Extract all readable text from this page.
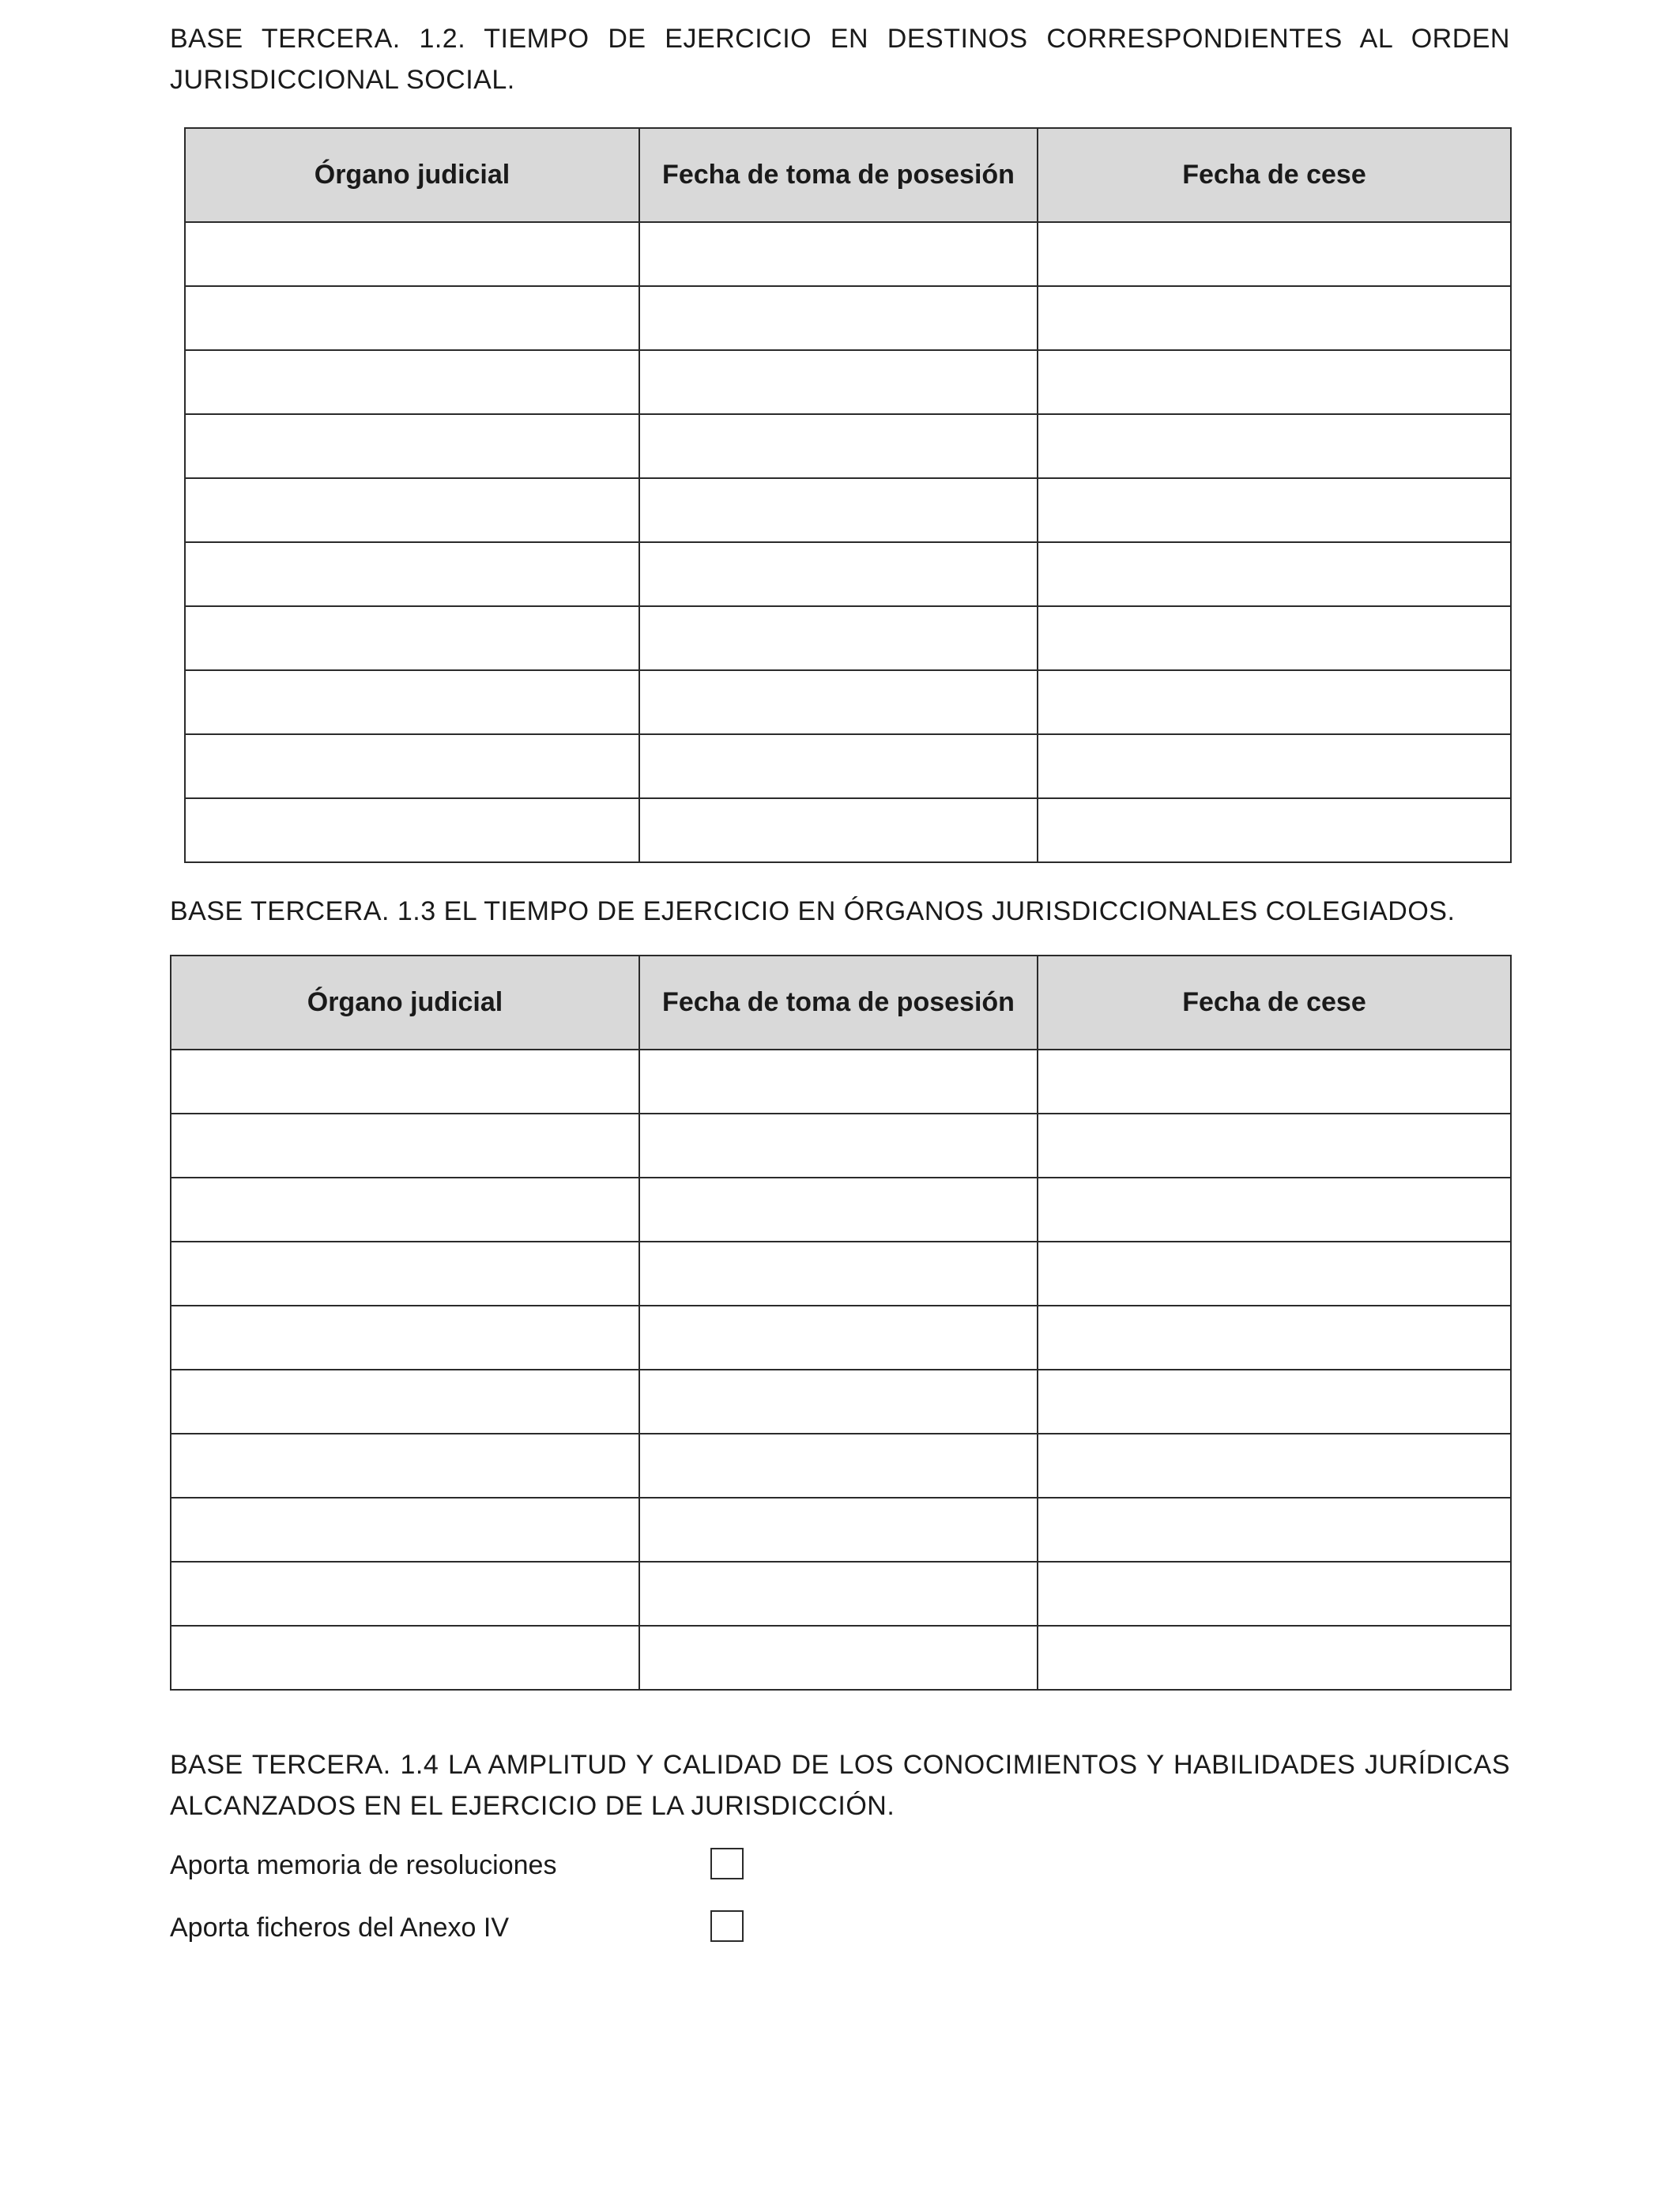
BASE TERCERA. 1.2. TIEMPO DE EJERCICIO EN DESTINOS CORRESPONDIENTES AL ORDEN JURISDICCIONAL SOCIAL.

Órgano judicial	Fecha de toma de posesión	Fecha de cese

BASE TERCERA. 1.3 EL TIEMPO DE EJERCICIO EN ÓRGANOS JURISDICCIONALES COLEGIADOS.

Órgano judicial	Fecha de toma de posesión	Fecha de cese

BASE TERCERA. 1.4 LA AMPLITUD Y CALIDAD DE LOS CONOCIMIENTOS Y HABILIDADES JURÍDICAS ALCANZADOS EN EL EJERCICIO DE LA JURISDICCIÓN.

Aporta memoria de resoluciones
Aporta ficheros del Anexo IV
